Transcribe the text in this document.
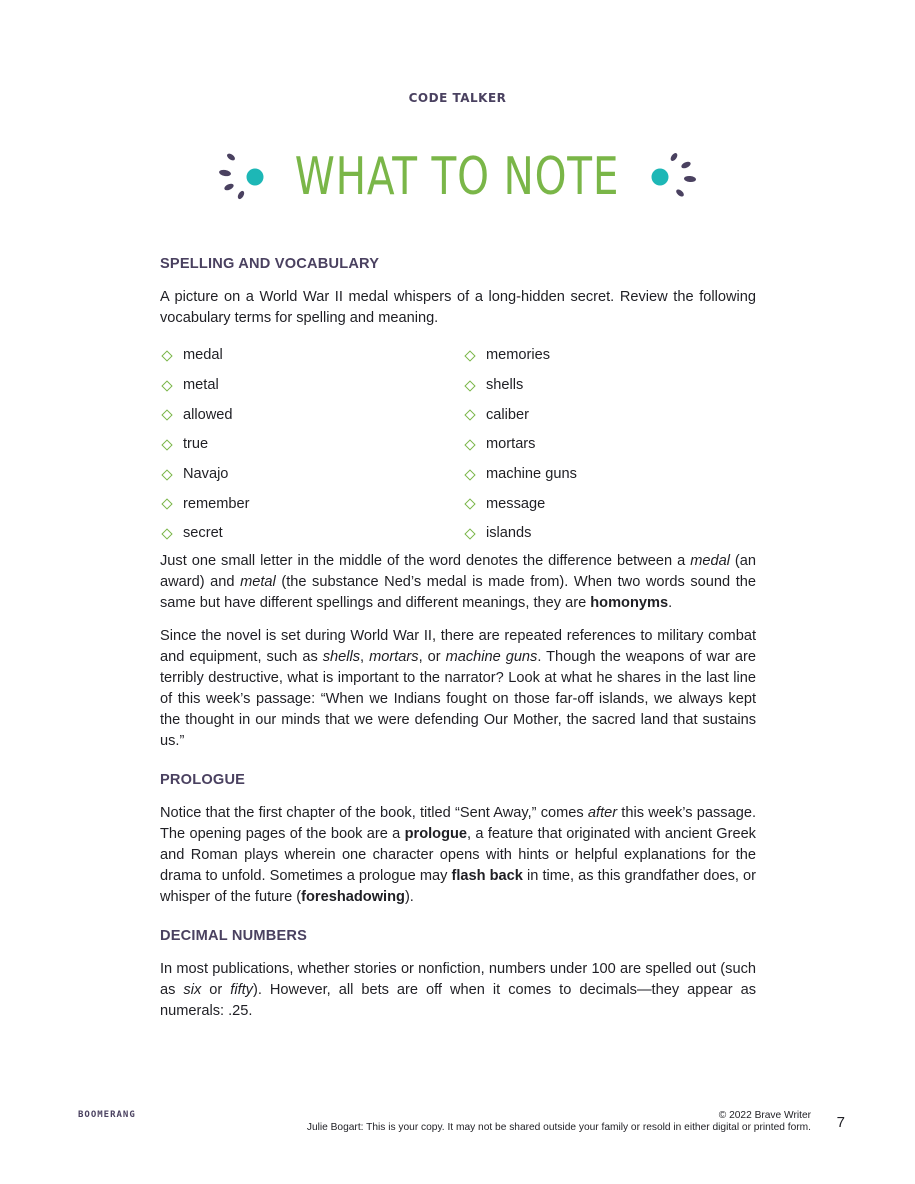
CODE TALKER
WHAT TO NOTE
SPELLING AND VOCABULARY

A picture on a World War II medal whispers of a long-hidden secret. Review the following vocabulary terms for spelling and meaning.

medal	memories
metal	shells
allowed	caliber
true	mortars
Navajo	machine guns
remember	message
secret	islands

Just one small letter in the middle of the word denotes the difference between a medal (an award) and metal (the substance Ned’s medal is made from). When two words sound the same but have different spellings and different meanings, they are homonyms.

Since the novel is set during World War II, there are repeated references to military combat and equipment, such as shells, mortars, or machine guns. Though the weapons of war are terribly destructive, what is important to the narrator? Look at what he shares in the last line of this week’s passage: “When we Indians fought on those far-off islands, we always kept the thought in our minds that we were defending Our Mother, the sacred land that sustains us.”

PROLOGUE

Notice that the first chapter of the book, titled “Sent Away,” comes after this week’s passage. The opening pages of the book are a prologue, a feature that originated with ancient Greek and Roman plays wherein one character opens with hints or helpful explanations for the drama to unfold. Sometimes a prologue may flash back in time, as this grandfather does, or whisper of the future (foreshadowing).

DECIMAL NUMBERS

In most publications, whether stories or nonfiction, numbers under 100 are spelled out (such as six or fifty). However, all bets are off when it comes to decimals—they appear as numerals: .25.

BOOMERANG	© 2022 Brave Writer
Julie Bogart: This is your copy. It may not be shared outside your family or resold in either digital or printed form. 7
